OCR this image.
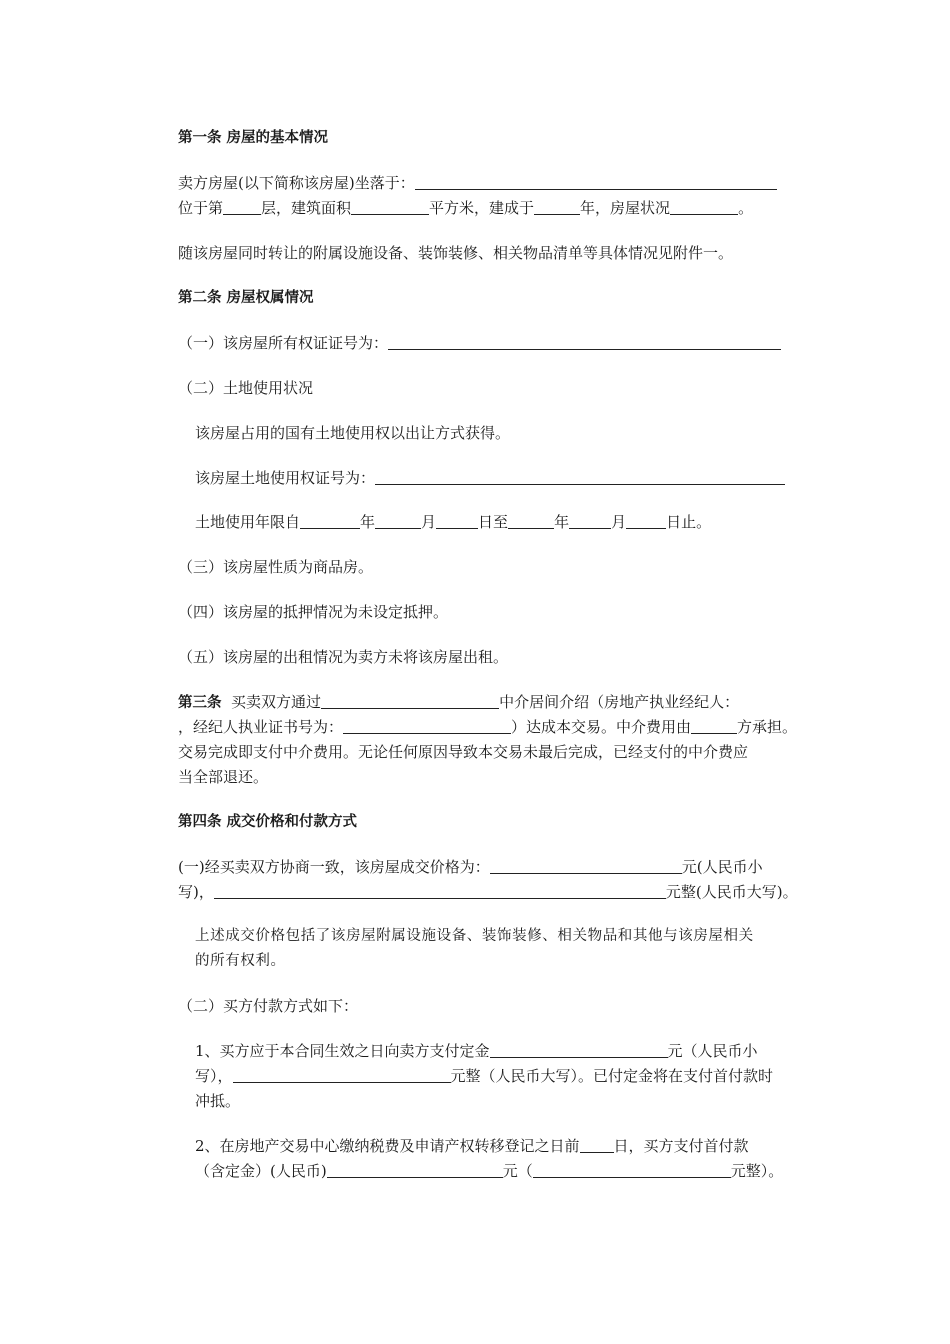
第一条 房屋的基本情况
卖方房屋(以下简称该房屋)坐落于：
位于第	层，建筑面积	平方米，建成于	年，房屋状况	。
随该房屋同时转让的附属设施设备、装饰装修、相关物品清单等具体情况见附件一。
第二条 房屋权属情况
（一）该房屋所有权证证号为：
（二）土地使用状况
该房屋占用的国有土地使用权以出让方式获得。
该房屋土地使用权证号为：
土地使用年限自	年	月	日至	年	月	日止。
（三）该房屋性质为商品房。
（四）该房屋的抵押情况为未设定抵押。
（五）该房屋的出租情况为卖方未将该房屋出租。
第三条 买卖双方通过	中介居间介绍（房地产执业经纪人：
，经纪人执业证书号为：	）达成本交易。中介费用由	方承担。
交易完成即支付中介费用。无论任何原因导致本交易未最后完成，已经支付的中介费应
当全部退还。
第四条 成交价格和付款方式
(一)经买卖双方协商一致，该房屋成交价格为：	元(人民币小
写)，	元整(人民币大写)。
上述成交价格包括了该房屋附属设施设备、装饰装修、相关物品和其他与该房屋相关
的所有权利。
（二）买方付款方式如下：
1、买方应于本合同生效之日向卖方支付定金	元（人民币小
写），	元整（人民币大写）。已付定金将在支付首付款时
冲抵。
2、在房地产交易中心缴纳税费及申请产权转移登记之日前 日，买方支付首付款
（含定金）(人民币)	元（	元整）。
